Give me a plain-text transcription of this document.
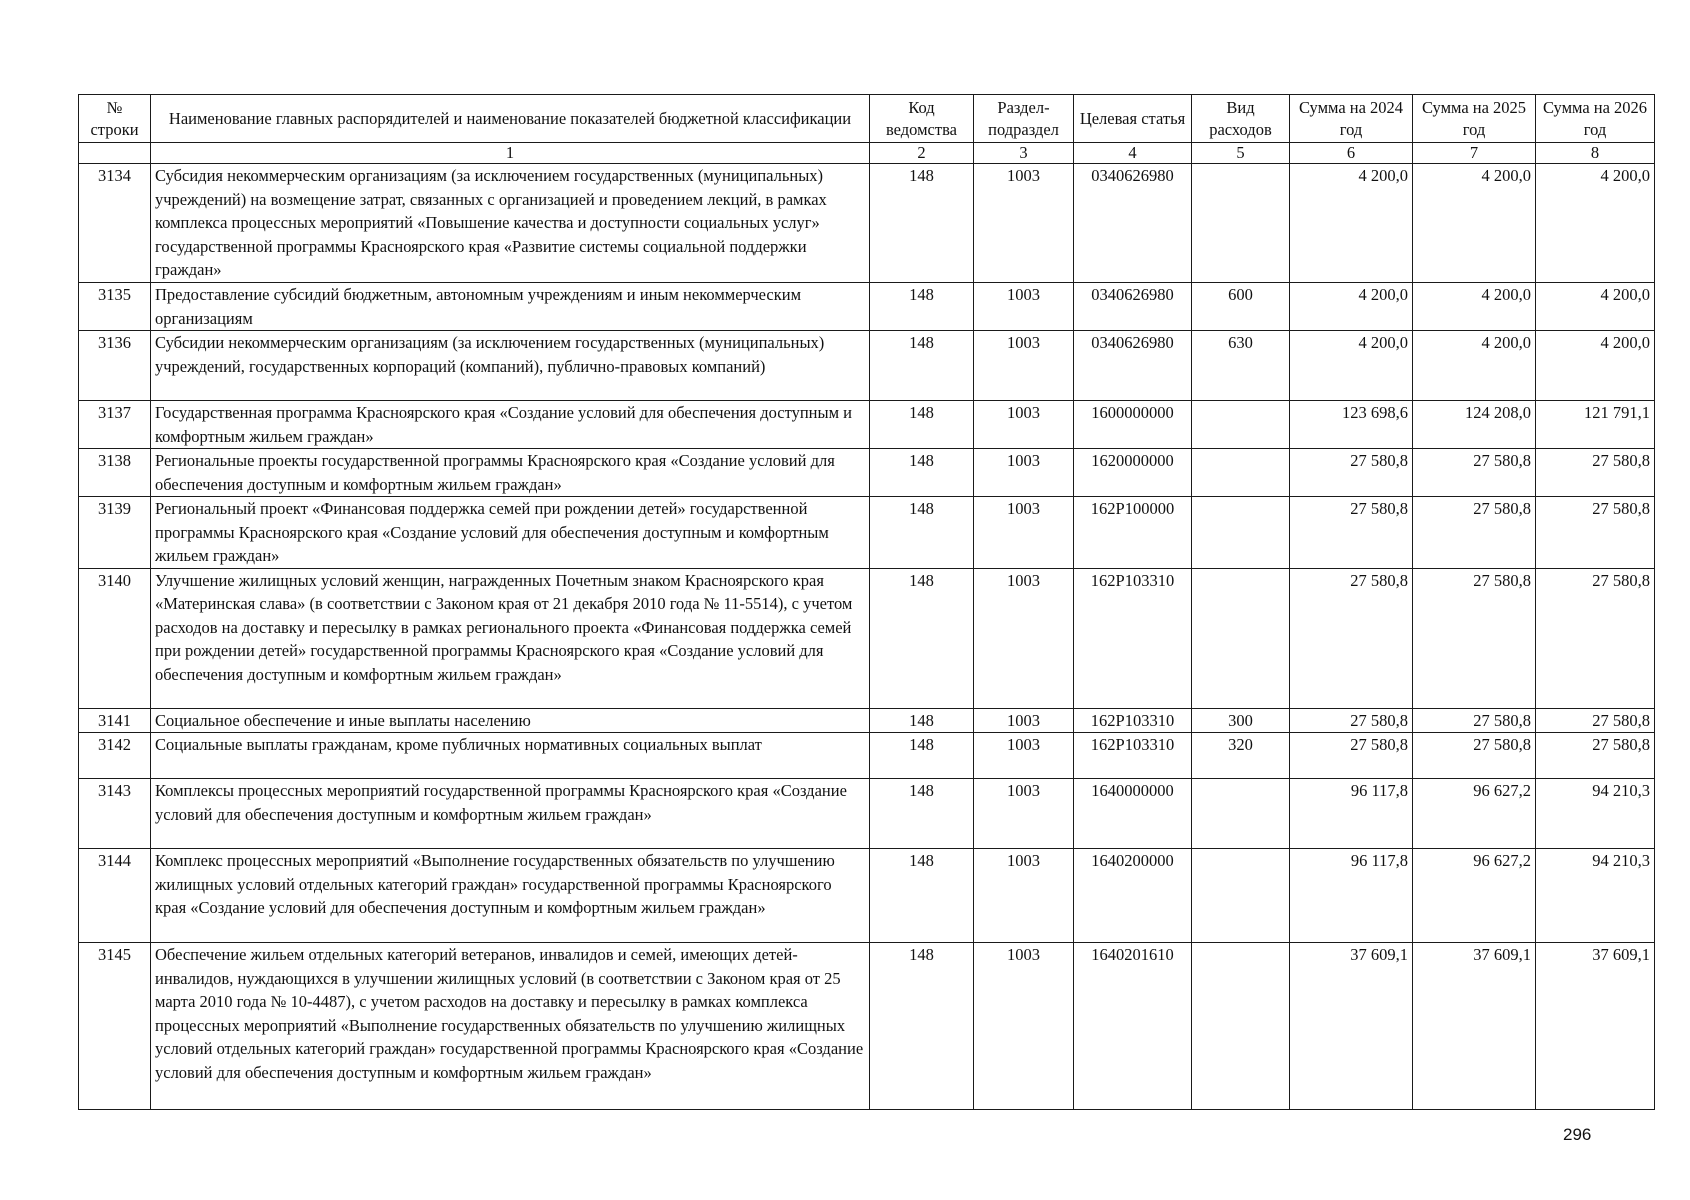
№ строки	Наименование главных распорядителей и наименование показателей бюджетной классификации	Код ведомства	Раздел-подраздел	Целевая статья	Вид расходов	Сумма на 2024 год	Сумма на 2025 год	Сумма на 2026 год
	1	2	3	4	5	6	7	8
3134	Субсидия некоммерческим организациям (за исключением государственных (муниципальных) учреждений) на возмещение затрат, связанных с организацией и проведением лекций, в рамках комплекса процессных мероприятий «Повышение качества и доступности социальных услуг» государственной программы Красноярского края «Развитие системы социальной поддержки граждан»	148	1003	0340626980		4 200,0	4 200,0	4 200,0
3135	Предоставление субсидий бюджетным, автономным учреждениям и иным некоммерческим организациям	148	1003	0340626980	600	4 200,0	4 200,0	4 200,0
3136	Субсидии некоммерческим организациям (за исключением государственных (муниципальных) учреждений, государственных корпораций (компаний), публично-правовых компаний)	148	1003	0340626980	630	4 200,0	4 200,0	4 200,0
3137	Государственная программа Красноярского края «Создание условий для обеспечения доступным и комфортным жильем граждан»	148	1003	1600000000		123 698,6	124 208,0	121 791,1
3138	Региональные проекты государственной программы Красноярского края «Создание условий для обеспечения доступным и комфортным жильем граждан»	148	1003	1620000000		27 580,8	27 580,8	27 580,8
3139	Региональный проект «Финансовая поддержка семей при рождении детей» государственной программы Красноярского края «Создание условий для обеспечения доступным и комфортным жильем граждан»	148	1003	162P100000		27 580,8	27 580,8	27 580,8
3140	Улучшение жилищных условий женщин, награжденных Почетным знаком Красноярского края «Материнская слава» (в соответствии с Законом края от 21 декабря 2010 года № 11-5514), с учетом расходов на доставку и пересылку в рамках регионального проекта «Финансовая поддержка семей при рождении детей» государственной программы Красноярского края «Создание условий для обеспечения доступным и комфортным жильем граждан»	148	1003	162P103310		27 580,8	27 580,8	27 580,8
3141	Социальное обеспечение и иные выплаты населению	148	1003	162P103310	300	27 580,8	27 580,8	27 580,8
3142	Социальные выплаты гражданам, кроме публичных нормативных социальных выплат	148	1003	162P103310	320	27 580,8	27 580,8	27 580,8
3143	Комплексы процессных мероприятий государственной программы Красноярского края «Создание условий для обеспечения доступным и комфортным жильем граждан»	148	1003	1640000000		96 117,8	96 627,2	94 210,3
3144	Комплекс процессных мероприятий «Выполнение государственных обязательств по улучшению жилищных условий отдельных категорий граждан» государственной программы Красноярского края «Создание условий для обеспечения доступным и комфортным жильем граждан»	148	1003	1640200000		96 117,8	96 627,2	94 210,3
3145	Обеспечение жильем отдельных категорий ветеранов, инвалидов и семей, имеющих детей-инвалидов, нуждающихся в улучшении жилищных условий (в соответствии с Законом края от 25 марта 2010 года № 10-4487), с учетом расходов на доставку и пересылку в рамках комплекса процессных мероприятий «Выполнение государственных обязательств по улучшению жилищных условий отдельных категорий граждан» государственной программы Красноярского края «Создание условий для обеспечения доступным и комфортным жильем граждан»	148	1003	1640201610		37 609,1	37 609,1	37 609,1
296
